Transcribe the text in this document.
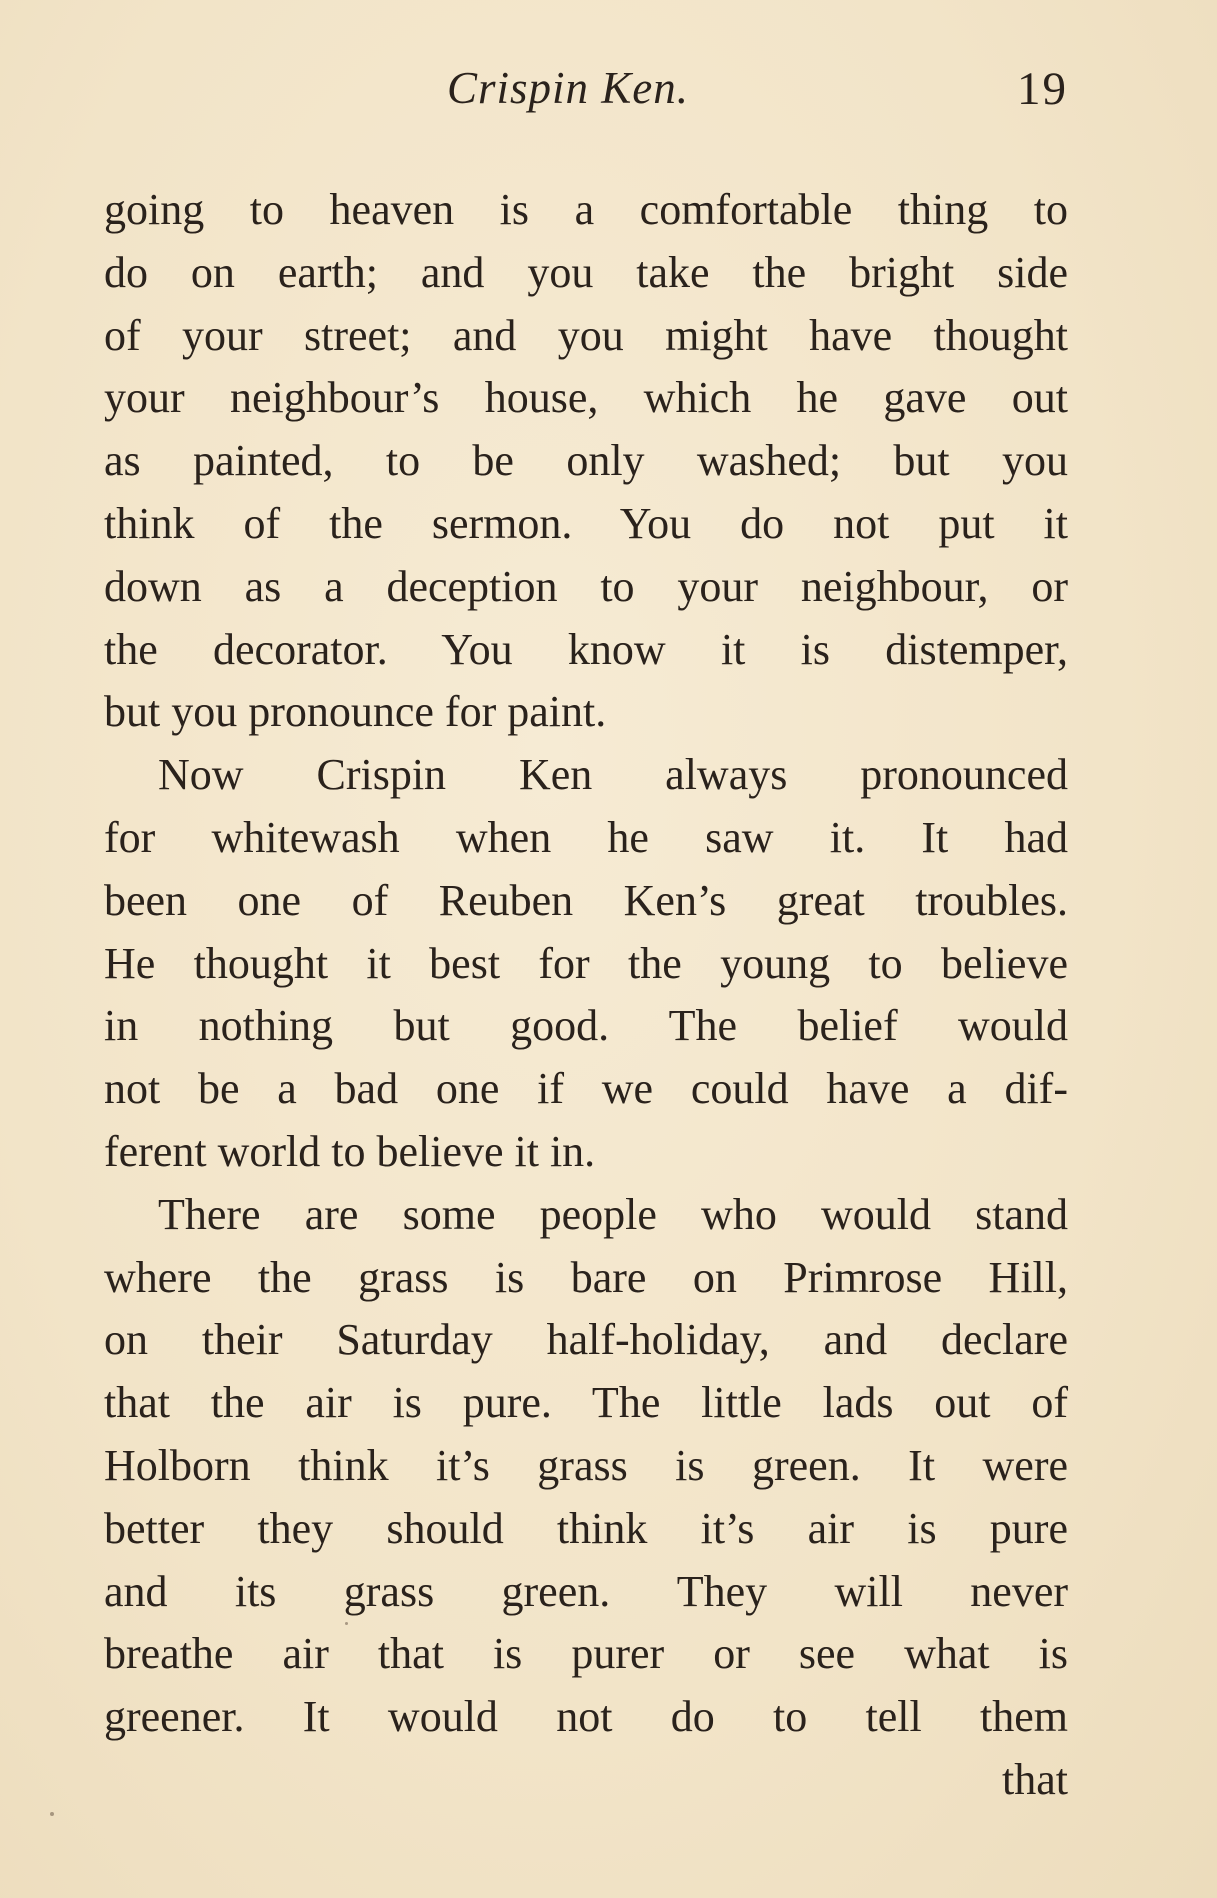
Crispin Ken.	19
going to heaven is a comfortable thing to
do on earth; and you take the bright side
of your street; and you might have thought
your neighbour’s house, which he gave out
as painted, to be only washed; but you
think of the sermon. You do not put it
down as a deception to your neighbour, or
the decorator. You know it is distemper,
but you pronounce for paint.
Now Crispin Ken always pronounced
for whitewash when he saw it. It had
been one of Reuben Ken’s great troubles.
He thought it best for the young to believe
in nothing but good. The belief would
not be a bad one if we could have a dif-
ferent world to believe it in.
There are some people who would stand
where the grass is bare on Primrose Hill,
on their Saturday half-holiday, and declare
that the air is pure. The little lads out of
Holborn think it’s grass is green. It were
better they should think it’s air is pure
and its grass green. They will never
breathe air that is purer or see what is
greener. It would not do to tell them
that
